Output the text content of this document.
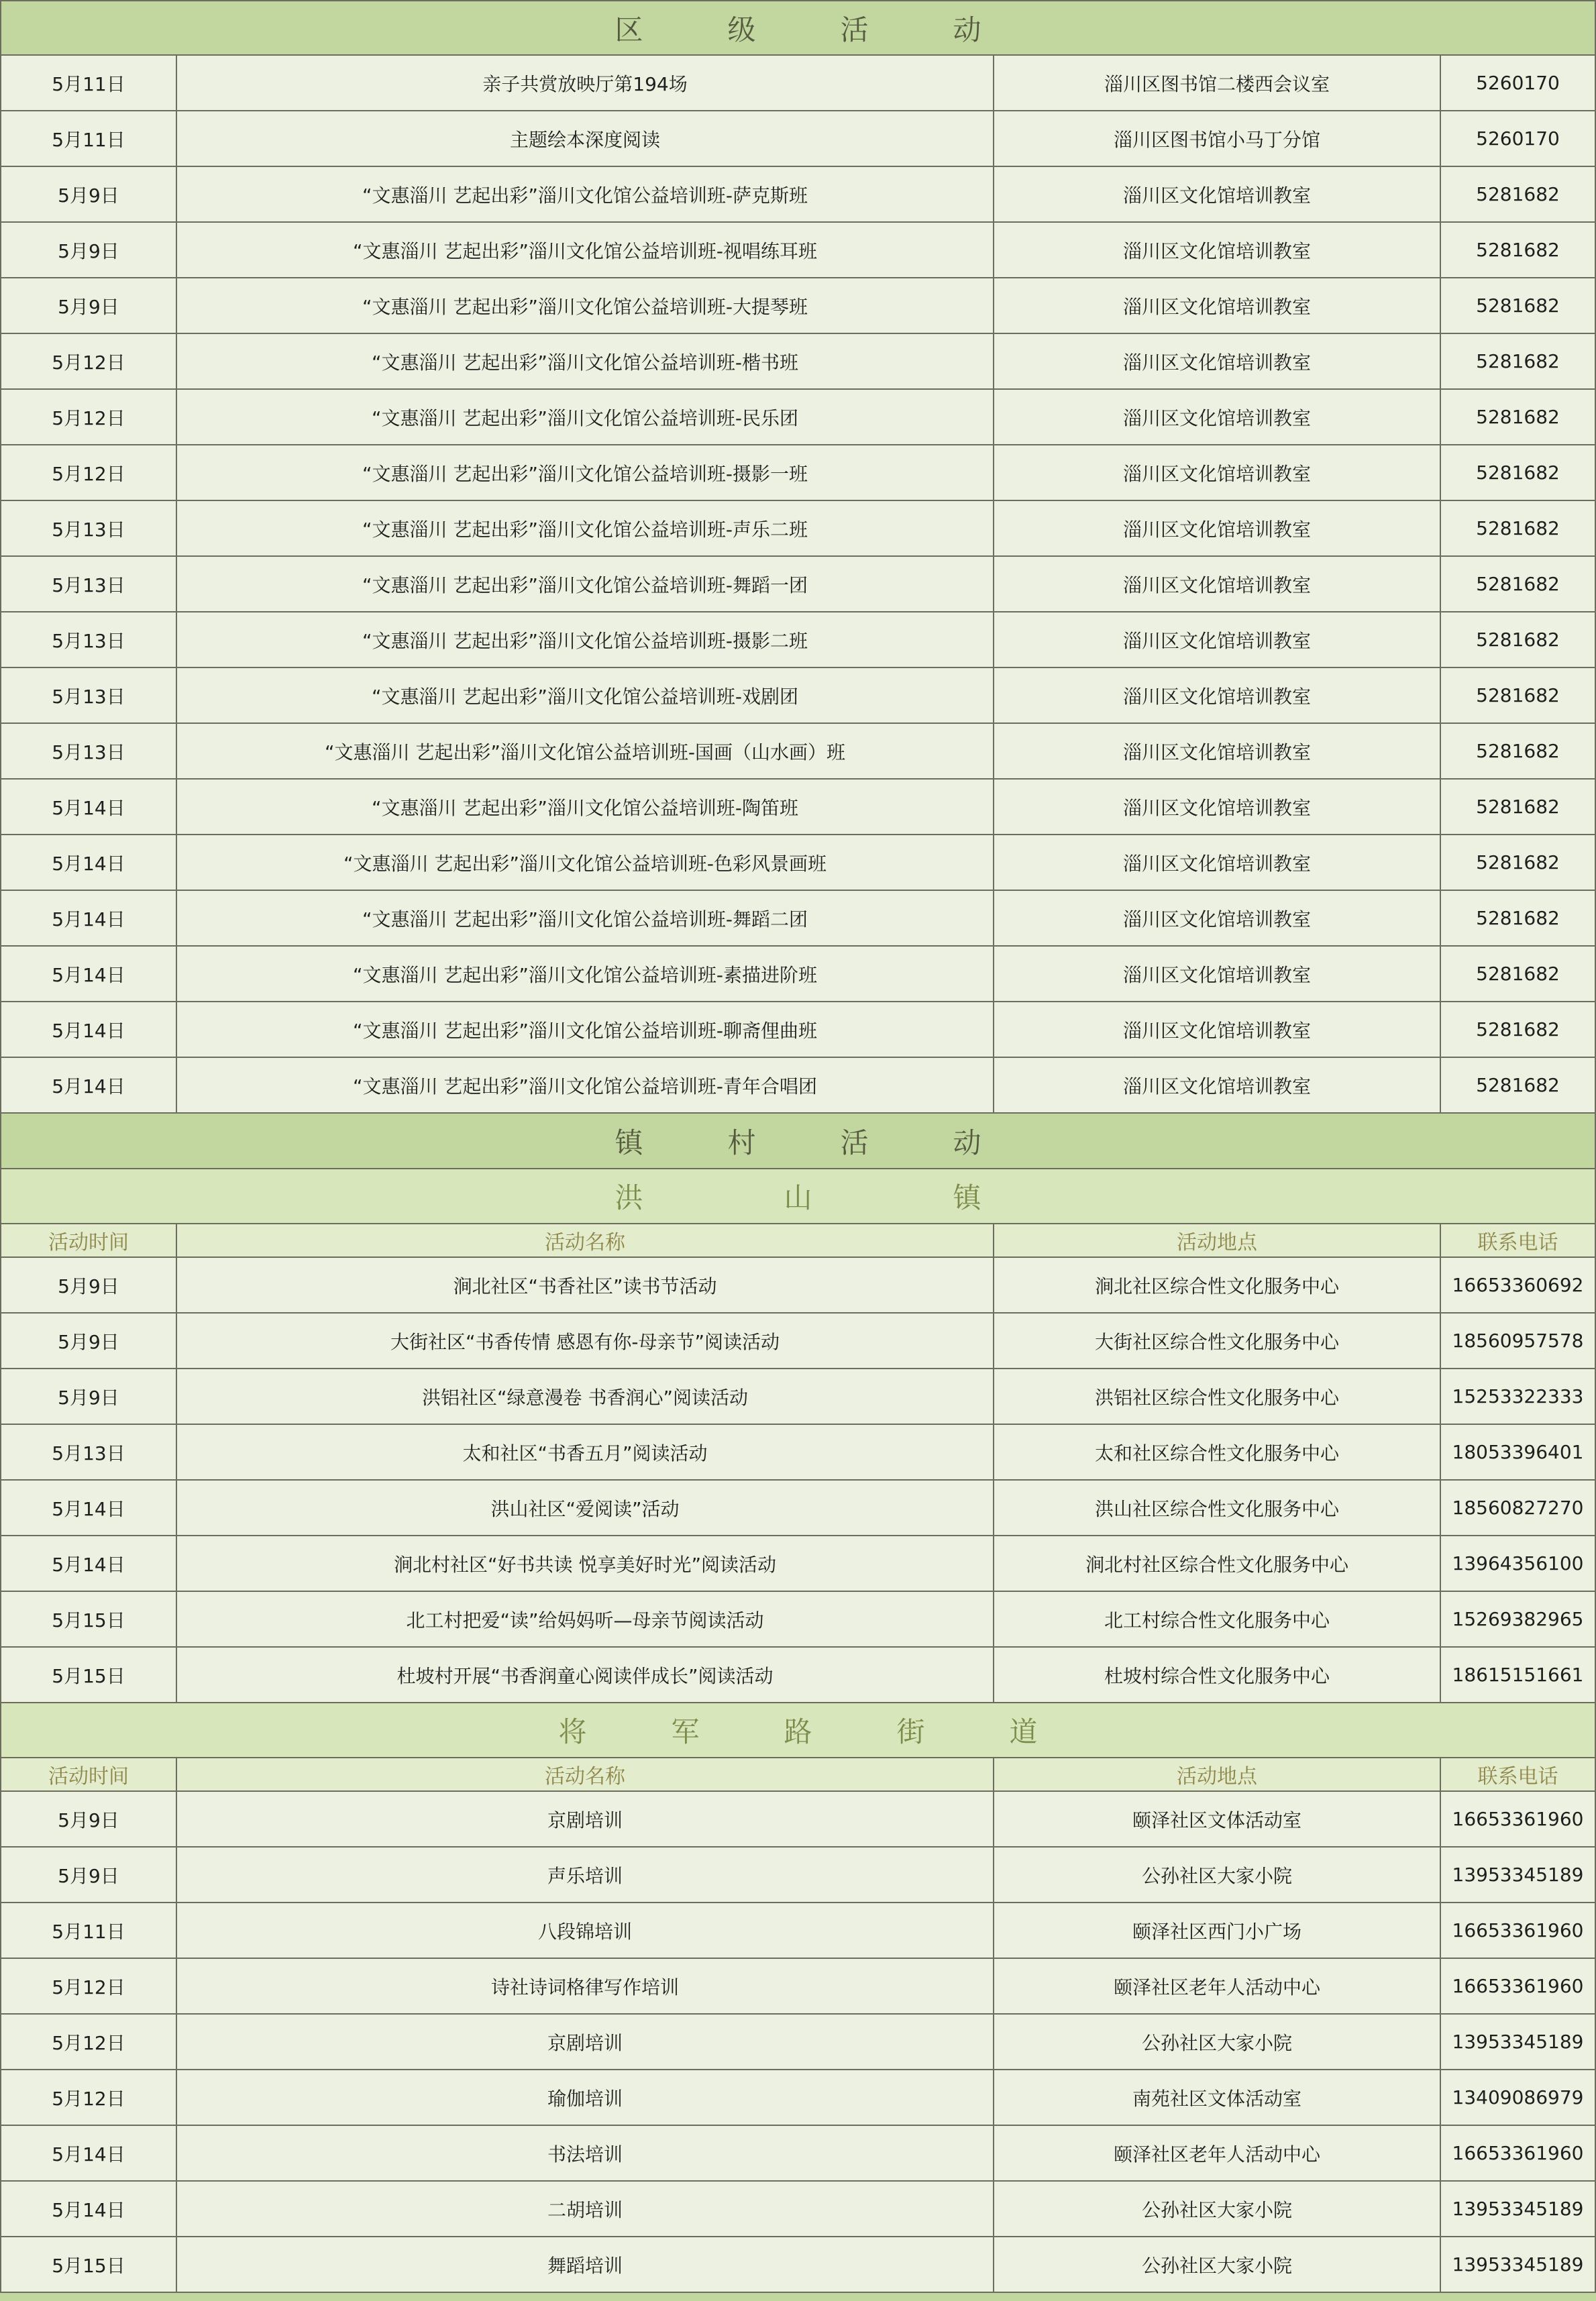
区　　　级　　　活　　　动
5月11日	亲子共赏放映厅第194场	淄川区图书馆二楼西会议室	5260170
5月11日	主题绘本深度阅读	淄川区图书馆小马丁分馆	5260170
5月9日	“文惠淄川 艺起出彩”淄川文化馆公益培训班-萨克斯班	淄川区文化馆培训教室	5281682
5月9日	“文惠淄川 艺起出彩”淄川文化馆公益培训班-视唱练耳班	淄川区文化馆培训教室	5281682
5月9日	“文惠淄川 艺起出彩”淄川文化馆公益培训班-大提琴班	淄川区文化馆培训教室	5281682
5月12日	“文惠淄川 艺起出彩”淄川文化馆公益培训班-楷书班	淄川区文化馆培训教室	5281682
5月12日	“文惠淄川 艺起出彩”淄川文化馆公益培训班-民乐团	淄川区文化馆培训教室	5281682
5月12日	“文惠淄川 艺起出彩”淄川文化馆公益培训班-摄影一班	淄川区文化馆培训教室	5281682
5月13日	“文惠淄川 艺起出彩”淄川文化馆公益培训班-声乐二班	淄川区文化馆培训教室	5281682
5月13日	“文惠淄川 艺起出彩”淄川文化馆公益培训班-舞蹈一团	淄川区文化馆培训教室	5281682
5月13日	“文惠淄川 艺起出彩”淄川文化馆公益培训班-摄影二班	淄川区文化馆培训教室	5281682
5月13日	“文惠淄川 艺起出彩”淄川文化馆公益培训班-戏剧团	淄川区文化馆培训教室	5281682
5月13日	“文惠淄川 艺起出彩”淄川文化馆公益培训班-国画（山水画）班	淄川区文化馆培训教室	5281682
5月14日	“文惠淄川 艺起出彩”淄川文化馆公益培训班-陶笛班	淄川区文化馆培训教室	5281682
5月14日	“文惠淄川 艺起出彩”淄川文化馆公益培训班-色彩风景画班	淄川区文化馆培训教室	5281682
5月14日	“文惠淄川 艺起出彩”淄川文化馆公益培训班-舞蹈二团	淄川区文化馆培训教室	5281682
5月14日	“文惠淄川 艺起出彩”淄川文化馆公益培训班-素描进阶班	淄川区文化馆培训教室	5281682
5月14日	“文惠淄川 艺起出彩”淄川文化馆公益培训班-聊斋俚曲班	淄川区文化馆培训教室	5281682
5月14日	“文惠淄川 艺起出彩”淄川文化馆公益培训班-青年合唱团	淄川区文化馆培训教室	5281682
镇　　　村　　　活　　　动
洪　　　　　山　　　　　镇
活动时间	活动名称	活动地点	联系电话
5月9日	涧北社区“书香社区”读书节活动	涧北社区综合性文化服务中心	16653360692
5月9日	大街社区“书香传情 感恩有你-母亲节”阅读活动	大街社区综合性文化服务中心	18560957578
5月9日	洪铝社区“绿意漫卷 书香润心”阅读活动	洪铝社区综合性文化服务中心	15253322333
5月13日	太和社区“书香五月”阅读活动	太和社区综合性文化服务中心	18053396401
5月14日	洪山社区“爱阅读”活动	洪山社区综合性文化服务中心	18560827270
5月14日	涧北村社区“好书共读 悦享美好时光”阅读活动	涧北村社区综合性文化服务中心	13964356100
5月15日	北工村把爱“读”给妈妈听—母亲节阅读活动	北工村综合性文化服务中心	15269382965
5月15日	杜坡村开展“书香润童心阅读伴成长”阅读活动	杜坡村综合性文化服务中心	18615151661
将　　　军　　　路　　　街　　　道
活动时间	活动名称	活动地点	联系电话
5月9日	京剧培训	颐泽社区文体活动室	16653361960
5月9日	声乐培训	公孙社区大家小院	13953345189
5月11日	八段锦培训	颐泽社区西门小广场	16653361960
5月12日	诗社诗词格律写作培训	颐泽社区老年人活动中心	16653361960
5月12日	京剧培训	公孙社区大家小院	13953345189
5月12日	瑜伽培训	南苑社区文体活动室	13409086979
5月14日	书法培训	颐泽社区老年人活动中心	16653361960
5月14日	二胡培训	公孙社区大家小院	13953345189
5月15日	舞蹈培训	公孙社区大家小院	13953345189
